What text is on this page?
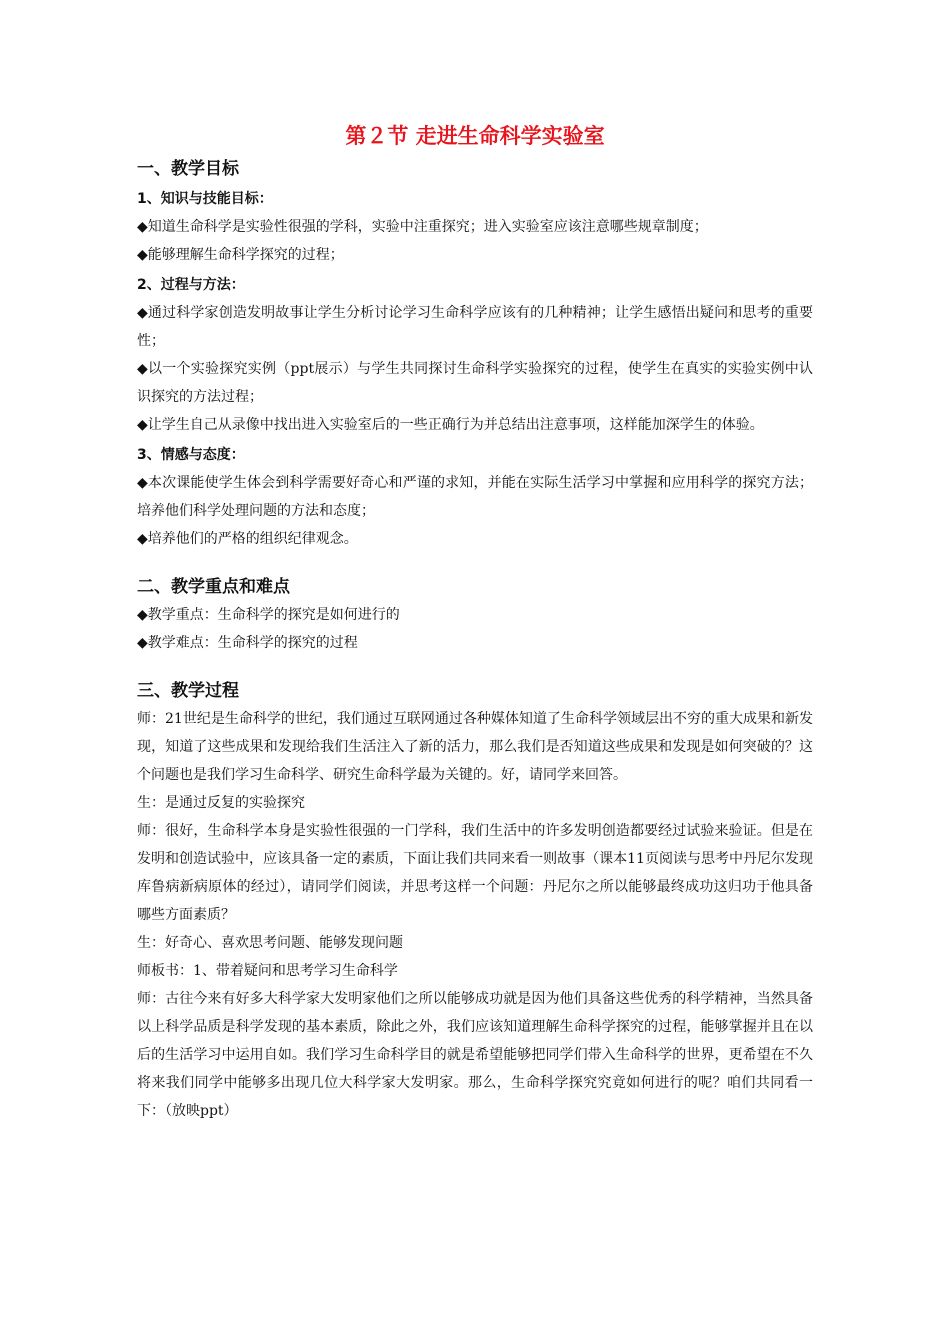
第２节 走进生命科学实验室
一、教学目标
1、知识与技能目标：

◆知道生命科学是实验性很强的学科，实验中注重探究；进入实验室应该注意哪些规章制度；

◆能够理解生命科学探究的过程；

2、过程与方法：

◆通过科学家创造发明故事让学生分析讨论学习生命科学应该有的几种精神；让学生感悟出疑问和思考的重要性；

◆以一个实验探究实例（ppt展示）与学生共同探讨生命科学实验探究的过程，使学生在真实的实验实例中认识探究的方法过程；

◆让学生自己从录像中找出进入实验室后的一些正确行为并总结出注意事项，这样能加深学生的体验。

3、情感与态度：

◆本次课能使学生体会到科学需要好奇心和严谨的求知，并能在实际生活学习中掌握和应用科学的探究方法；培养他们科学处理问题的方法和态度；

◆培养他们的严格的组织纪律观念。

二、教学重点和难点

◆教学重点：生命科学的探究是如何进行的

◆教学难点：生命科学的探究的过程

三、教学过程

师：21世纪是生命科学的世纪，我们通过互联网通过各种媒体知道了生命科学领域层出不穷的重大成果和新发现，知道了这些成果和发现给我们生活注入了新的活力，那么我们是否知道这些成果和发现是如何突破的？这个问题也是我们学习生命科学、研究生命科学最为关键的。好，请同学来回答。

生：是通过反复的实验探究

师：很好，生命科学本身是实验性很强的一门学科，我们生活中的许多发明创造都要经过试验来验证。但是在发明和创造试验中，应该具备一定的素质，下面让我们共同来看一则故事（课本11页阅读与思考中丹尼尔发现库鲁病新病原体的经过），请同学们阅读，并思考这样一个问题：丹尼尔之所以能够最终成功这归功于他具备哪些方面素质？

生：好奇心、喜欢思考问题、能够发现问题

师板书：1、带着疑问和思考学习生命科学

师：古往今来有好多大科学家大发明家他们之所以能够成功就是因为他们具备这些优秀的科学精神，当然具备以上科学品质是科学发现的基本素质，除此之外，我们应该知道理解生命科学探究的过程，能够掌握并且在以后的生活学习中运用自如。我们学习生命科学目的就是希望能够把同学们带入生命科学的世界，更希望在不久将来我们同学中能够多出现几位大科学家大发明家。那么，生命科学探究究竟如何进行的呢？咱们共同看一下：（放映ppt）
